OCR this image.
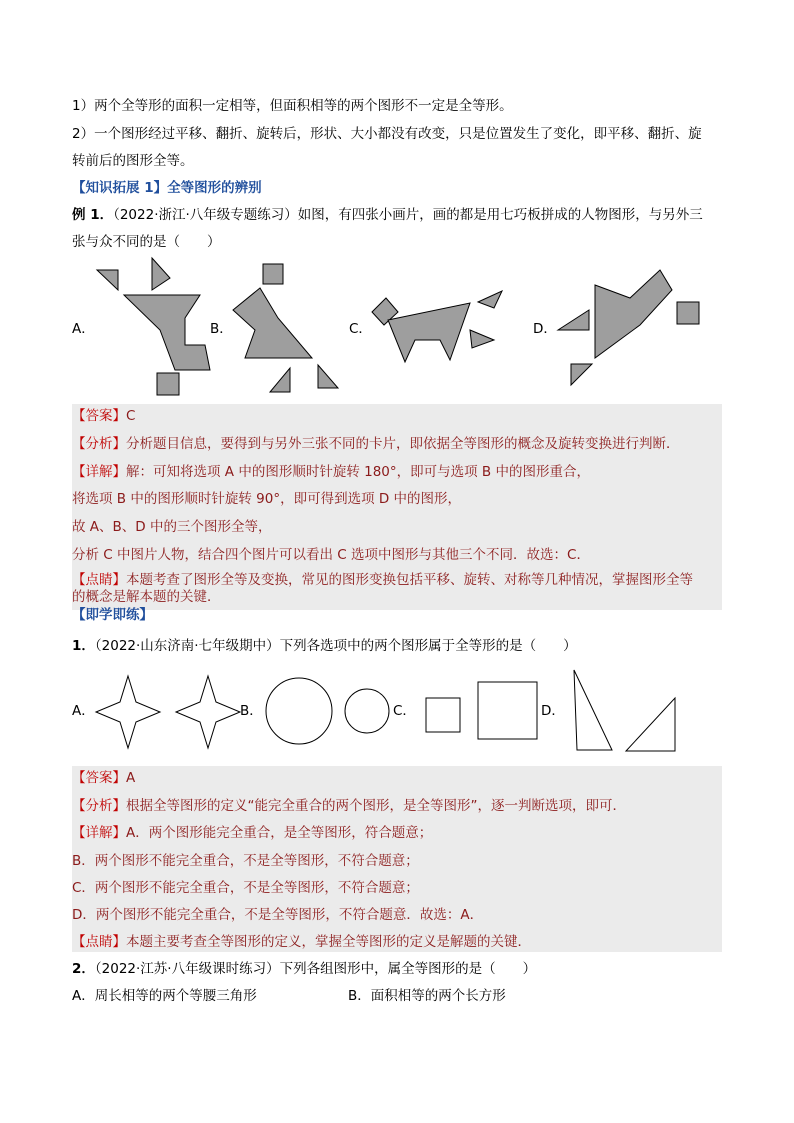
1）两个全等形的面积一定相等，但面积相等的两个图形不一定是全等形。
2）一个图形经过平移、翻折、旋转后，形状、大小都没有改变，只是位置发生了变化，即平移、翻折、旋
转前后的图形全等。
【知识拓展 1】全等图形的辨别
例 1．（2022·浙江·八年级专题练习）如图，有四张小画片，画的都是用七巧板拼成的人物图形，与另外三
张与众不同的是（　　）
A．	B．	C．	D．
【答案】C
【分析】分析题目信息，要得到与另外三张不同的卡片，即依据全等图形的概念及旋转变换进行判断．
【详解】解：可知将选项 A 中的图形顺时针旋转 180°，即可与选项 B 中的图形重合，
将选项 B 中的图形顺时针旋转 90°，即可得到选项 D 中的图形，
故 A、B、D 中的三个图形全等，
分析 C 中图片人物，结合四个图片可以看出 C 选项中图形与其他三个不同．故选：C．
【点睛】本题考查了图形全等及变换，常见的图形变换包括平移、旋转、对称等几种情况，掌握图形全等
的概念是解本题的关键．
【即学即练】
1．（2022·山东济南·七年级期中）下列各选项中的两个图形属于全等形的是（　　）
A．	B．	C．	D．
【答案】A
【分析】根据全等图形的定义“能完全重合的两个图形，是全等图形”，逐一判断选项，即可．
【详解】A．两个图形能完全重合，是全等图形，符合题意；
B．两个图形不能完全重合，不是全等图形，不符合题意；
C．两个图形不能完全重合，不是全等图形，不符合题意；
D．两个图形不能完全重合，不是全等图形，不符合题意．故选：A．
【点睛】本题主要考查全等图形的定义，掌握全等图形的定义是解题的关键．
2．（2022·江苏·八年级课时练习）下列各组图形中，属全等图形的是（　　）
A．周长相等的两个等腰三角形	B．面积相等的两个长方形
